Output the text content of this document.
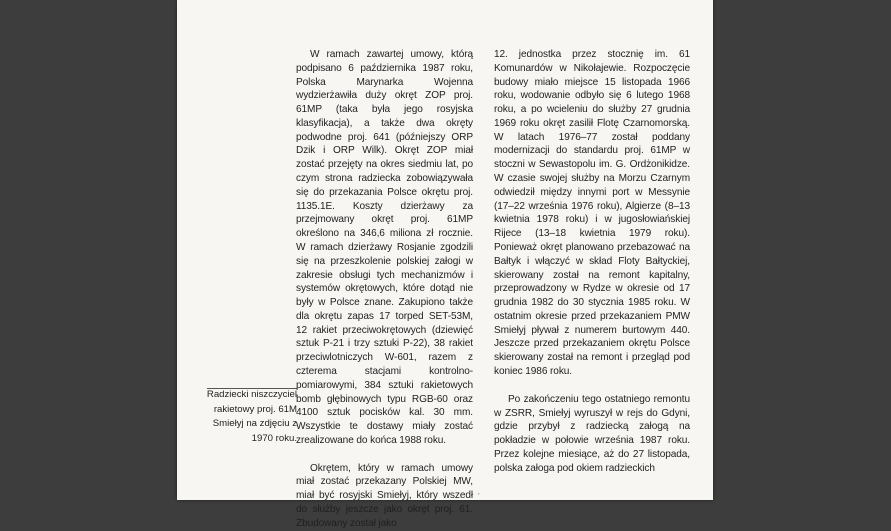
Radziecki niszczyciel
rakietowy proj. 61M Smiełyj na zdjęciu z 1970 roku.

W ramach zawartej umowy, którą podpisano 6 października 1987 roku, Polska Marynarka Wojenna wydzierżawiła duży okręt ZOP proj. 61MP (taka była jego rosyjska klasyfikacja), a także dwa okręty podwodne proj. 641 (późniejszy ORP Dzik i ORP Wilk). Okręt ZOP miał zostać przejęty na okres siedmiu lat, po czym strona radziecka zobowiązywała się do przekazania Polsce okrętu proj. 1135.1E. Koszty dzierżawy za przejmowany okręt proj. 61MP określono na 346,6 miliona zł rocznie. W ramach dzierżawy Rosjanie zgodzili się na przeszkolenie polskiej załogi w zakresie obsługi tych mechanizmów i systemów okrętowych, które dotąd nie były w Polsce znane. Zakupiono także dla okrętu zapas 17 torped SET-53M, 12 rakiet przeciwokrętowych (dziewięć sztuk P-21 i trzy sztuki P-22), 38 rakiet przeciwlotniczych W-601, razem z czterema stacjami kontrolno-pomiarowymi, 384 sztuki rakietowych bomb głębinowych typu RGB-60 oraz 4100 sztuk pocisków kal. 30 mm. Wszystkie te dostawy miały zostać zrealizowane do końca 1988 roku.

Okrętem, który w ramach umowy miał zostać przekazany Polskiej MW, miał być rosyjski Smiełyj, który wszedł do służby jeszcze jako okręt proj. 61. Zbudowany został jako

12. jednostka przez stocznię im. 61 Komunardów w Nikołajewie. Rozpoczęcie budowy miało miejsce 15 listopada 1966 roku, wodowanie odbyło się 6 lutego 1968 roku, a po wcieleniu do służby 27 grudnia 1969 roku okręt zasilił Flotę Czarnomorską. W latach 1976–77 został poddany modernizacji do standardu proj. 61MP w stoczni w Sewastopolu im. G. Ordżonikidze. W czasie swojej służby na Morzu Czarnym odwiedził między innymi port w Messynie (17–22 września 1976 roku), Algierze (8–13 kwietnia 1978 roku) i w jugosłowiańskiej Rijece (13–18 kwietnia 1979 roku). Ponieważ okręt planowano przebazować na Bałtyk i włączyć w skład Floty Bałtyckiej, skierowany został na remont kapitalny, przeprowadzony w Rydze w okresie od 17 grudnia 1982 do 30 stycznia 1985 roku. W ostatnim okresie przed przekazaniem PMW Smiełyj pływał z numerem burtowym 440. Jeszcze przed przekazaniem okrętu Polsce skierowany został na remont i przegląd pod koniec 1986 roku.

Po zakończeniu tego ostatniego remontu w ZSRR, Smiełyj wyruszył w rejs do Gdyni, gdzie przybył z radziecką załogą na pokładzie w połowie września 1987 roku. Przez kolejne miesiące, aż do 27 listopada, polska załoga pod okiem radzieckich

ˊ
